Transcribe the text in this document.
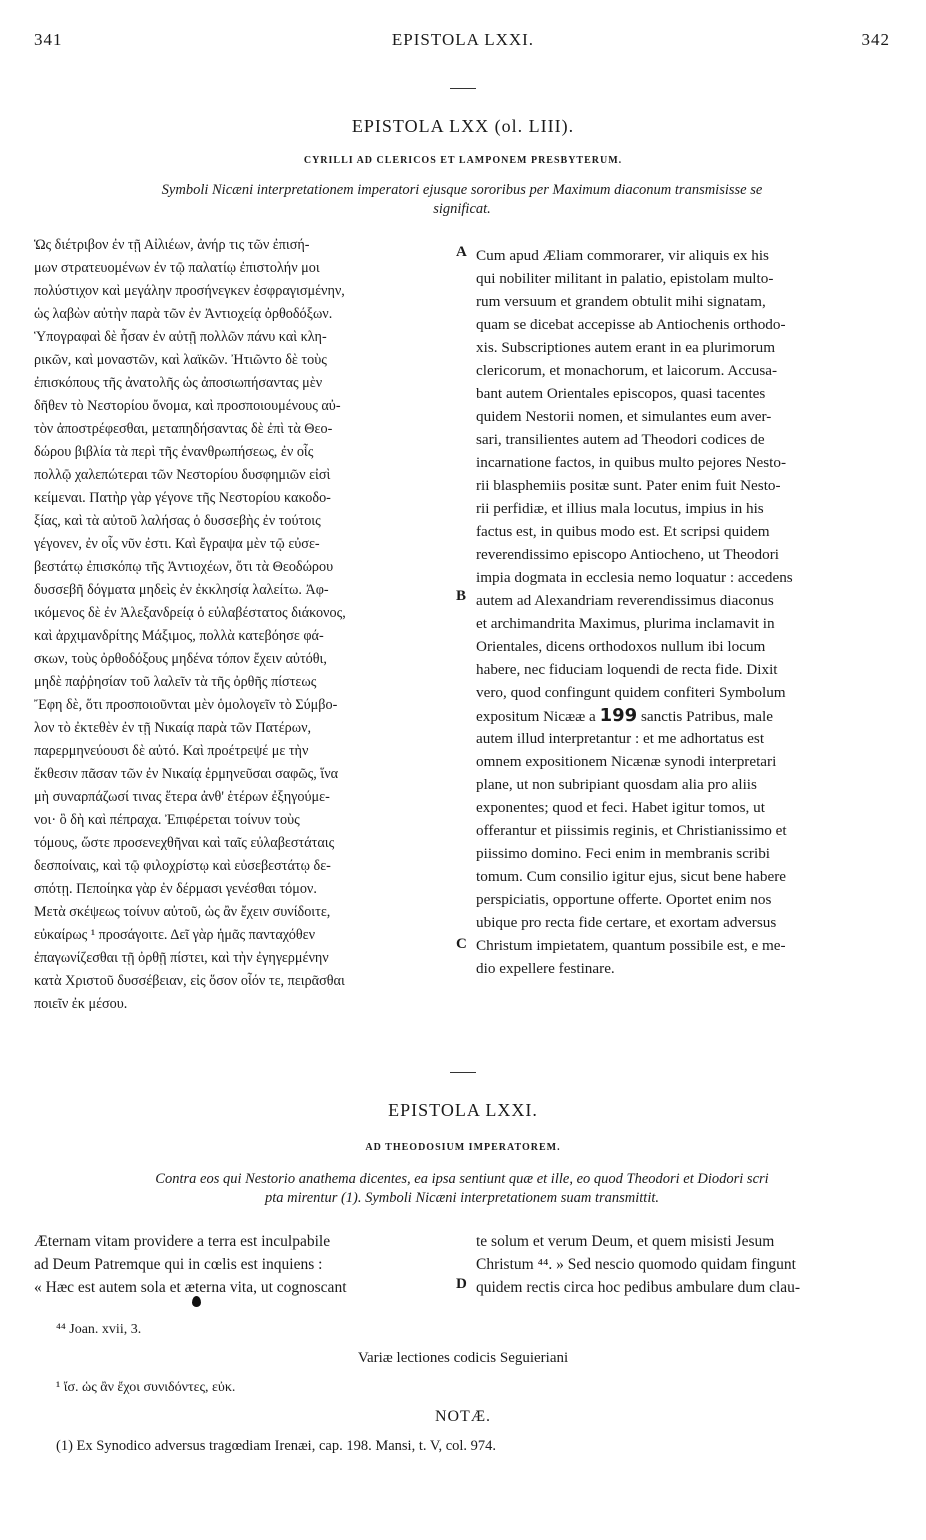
341	EPISTOLA LXXI.	342
EPISTOLA LXX (ol. LIII).
CYRILLI AD CLERICOS ET LAMPONEM PRESBYTERUM.
Symboli Nicæni interpretationem imperatori ejusque sororibus per Maximum diaconum transmisisse se
significat.
Ὡς διέτριβον ἐν τῇ Αἰλιέων, ἀνήρ τις τῶν ἐπισή-
μων στρατευομένων ἐν τῷ παλατίῳ ἐπιστολήν μοι
πολύστιχον καὶ μεγάλην προσήνεγκεν ἐσφραγισμένην,
ὡς λαβὼν αὐτὴν παρὰ τῶν ἐν Ἀντιοχείᾳ ὀρθοδόξων.
Ὑπογραφαὶ δὲ ἦσαν ἐν αὐτῇ πολλῶν πάνυ καὶ κλη-
ρικῶν, καὶ μοναστῶν, καὶ λαϊκῶν. Ἠτιῶντο δὲ τοὺς
ἐπισκόπους τῆς ἀνατολῆς ὡς ἀποσιωπήσαντας μὲν
δῆθεν τὸ Νεστορίου ὄνομα, καὶ προσποιουμένους αὐ-
τὸν ἀποστρέφεσθαι, μεταπηδήσαντας δὲ ἐπὶ τὰ Θεο-
δώρου βιβλία τὰ περὶ τῆς ἐνανθρωπήσεως, ἐν οἷς
πολλῷ χαλεπώτεραι τῶν Νεστορίου δυσφημιῶν εἰσὶ
κείμεναι. Πατὴρ γὰρ γέγονε τῆς Νεστορίου κακοδο-
ξίας, καὶ τὰ αὐτοῦ λαλήσας ὁ δυσσεβὴς ἐν τούτοις
γέγονεν, ἐν οἷς νῦν ἐστι. Καὶ ἔγραψα μὲν τῷ εὐσε-
βεστάτῳ ἐπισκόπῳ τῆς Ἀντιοχέων, ὅτι τὰ Θεοδώρου
δυσσεβῆ δόγματα μηδεὶς ἐν ἐκκλησίᾳ λαλείτω. Ἀφ-
ικόμενος δὲ ἐν Ἀλεξανδρείᾳ ὁ εὐλαβέστατος διάκονος,
καὶ ἀρχιμανδρίτης Μάξιμος, πολλὰ κατεβόησε φά-
σκων, τοὺς ὀρθοδόξους μηδένα τόπον ἔχειν αὐτόθι,
μηδὲ παῤῥησίαν τοῦ λαλεῖν τὰ τῆς ὀρθῆς πίστεως
Ἔφη δὲ, ὅτι προσποιοῦνται μὲν ὁμολογεῖν τὸ Σύμβο-
λον τὸ ἐκτεθὲν ἐν τῇ Νικαίᾳ παρὰ τῶν Πατέρων,
παρερμηνεύουσι δὲ αὐτό. Καὶ προέτρεψέ με τὴν
ἔκθεσιν πᾶσαν τῶν ἐν Νικαίᾳ ἑρμηνεῦσαι σαφῶς, ἵνα
μὴ συναρπάζωσί τινας ἕτερα ἀνθ' ἑτέρων ἐξηγούμε-
νοι· ὃ δὴ καὶ πέπραχα. Ἐπιφέρεται τοίνυν τοὺς
τόμους, ὥστε προσενεχθῆναι καὶ ταῖς εὐλαβεστάταις
δεσποίναις, καὶ τῷ φιλοχρίστῳ καὶ εὐσεβεστάτῳ δε-
σπότῃ. Πεποίηκα γὰρ ἐν δέρμασι γενέσθαι τόμον.
Μετὰ σκέψεως τοίνυν αὐτοῦ, ὡς ἂν ἔχειν συνίδοιτε,
εὐκαίρως ¹ προσάγοιτε. Δεῖ γὰρ ἡμᾶς πανταχόθεν
ἐπαγωνίζεσθαι τῇ ὀρθῇ πίστει, καὶ τὴν ἐγηγερμένην
κατὰ Χριστοῦ δυσσέβειαν, εἰς ὅσον οἷόν τε, πειρᾶσθαι
ποιεῖν ἐκ μέσου.
A
B
C
Cum apud Æliam commorarer, vir aliquis ex his
qui nobiliter militant in palatio, epistolam multo-
rum versuum et grandem obtulit mihi signatam,
quam se dicebat accepisse ab Antiochenis orthodo-
xis. Subscriptiones autem erant in ea plurimorum
clericorum, et monachorum, et laicorum. Accusa-
bant autem Orientales episcopos, quasi tacentes
quidem Nestorii nomen, et simulantes eum aver-
sari, transilientes autem ad Theodori codices de
incarnatione factos, in quibus multo pejores Nesto-
rii blasphemiis positæ sunt. Pater enim fuit Nesto-
rii perfidiæ, et illius mala locutus, impius in his
factus est, in quibus modo est. Et scripsi quidem
reverendissimo episcopo Antiocheno, ut Theodori
impia dogmata in ecclesia nemo loquatur : accedens
autem ad Alexandriam reverendissimus diaconus
et archimandrita Maximus, plurima inclamavit in
Orientales, dicens orthodoxos nullum ibi locum
habere, nec fiduciam loquendi de recta fide. Dixit
vero, quod confingunt quidem confiteri Symbolum
expositum Nicææ a 199 sanctis Patribus, male
autem illud interpretantur : et me adhortatus est
omnem expositionem Nicænæ synodi interpretari
plane, ut non subripiant quosdam alia pro aliis
exponentes; quod et feci. Habet igitur tomos, ut
offerantur et piissimis reginis, et Christianissimo et
piissimo domino. Feci enim in membranis scribi
tomum. Cum consilio igitur ejus, sicut bene habere
perspiciatis, opportune offerte. Oportet enim nos
ubique pro recta fide certare, et exortam adversus
Christum impietatem, quantum possibile est, e me-
dio expellere festinare.
EPISTOLA LXXI.
AD THEODOSIUM IMPERATOREM.
Contra eos qui Nestorio anathema dicentes, ea ipsa sentiunt quæ et ille, eo quod Theodori et Diodori scri
pta mirentur (1). Symboli Nicæni interpretationem suam transmittit.
Æternam vitam providere a terra est inculpabile
ad Deum Patremque qui in cœlis est inquiens :
« Hæc est autem sola et æterna vita, ut cognoscant	D
te solum et verum Deum, et quem misisti Jesum
Christum ⁴⁴. » Sed nescio quomodo quidam fingunt
quidem rectis circa hoc pedibus ambulare dum clau-
⁴⁴ Joan. xvii, 3.
Variæ lectiones codicis Seguieriani
¹ ἴσ. ὡς ἂν ἔχοι συνιδόντες, εὐκ.
NOTÆ.
(1) Ex Synodico adversus tragœdiam Irenæi, cap. 198. Mansi, t. V, col. 974.
